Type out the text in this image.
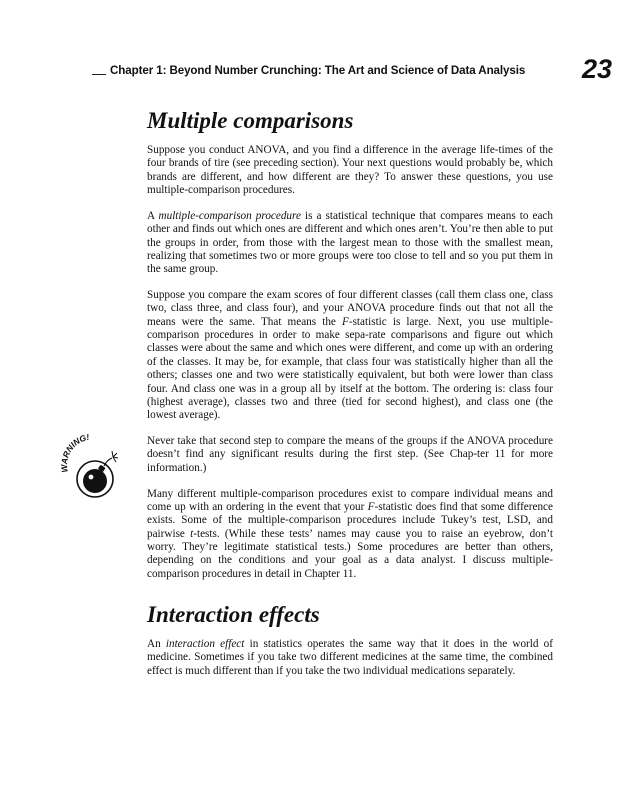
Chapter 1: Beyond Number Crunching: The Art and Science of Data Analysis 23
WARNING!
Multiple comparisons

Suppose you conduct ANOVA, and you find a difference in the average life-times of the four brands of tire (see preceding section). Your next questions would probably be, which brands are different, and how different are they? To answer these questions, you use multiple-comparison procedures.

A multiple-comparison procedure is a statistical technique that compares means to each other and finds out which ones are different and which ones aren’t. You’re then able to put the groups in order, from those with the largest mean to those with the smallest mean, realizing that sometimes two or more groups were too close to tell and so you put them in the same group.

Suppose you compare the exam scores of four different classes (call them class one, class two, class three, and class four), and your ANOVA procedure finds out that not all the means were the same. That means the F-statistic is large. Next, you use multiple-comparison procedures in order to make sepa-rate comparisons and figure out which classes were about the same and which ones were different, and come up with an ordering of the classes. It may be, for example, that class four was statistically higher than all the others; classes one and two were statistically equivalent, but both were lower than class four. And class one was in a group all by itself at the bottom. The ordering is: class four (highest average), classes two and three (tied for second highest), and class one (the lowest average).

Never take that second step to compare the means of the groups if the ANOVA procedure doesn’t find any significant results during the first step. (See Chap-ter 11 for more information.)

Many different multiple-comparison procedures exist to compare individual means and come up with an ordering in the event that your F-statistic does find that some difference exists. Some of the multiple-comparison procedures include Tukey’s test, LSD, and pairwise t-tests. (While these tests’ names may cause you to raise an eyebrow, don’t worry. They’re legitimate statistical tests.) Some procedures are better than others, depending on the conditions and your goal as a data analyst. I discuss multiple-comparison procedures in detail in Chapter 11.

Interaction effects

An interaction effect in statistics operates the same way that it does in the world of medicine. Sometimes if you take two different medicines at the same time, the combined effect is much different than if you take the two individual medications separately.
